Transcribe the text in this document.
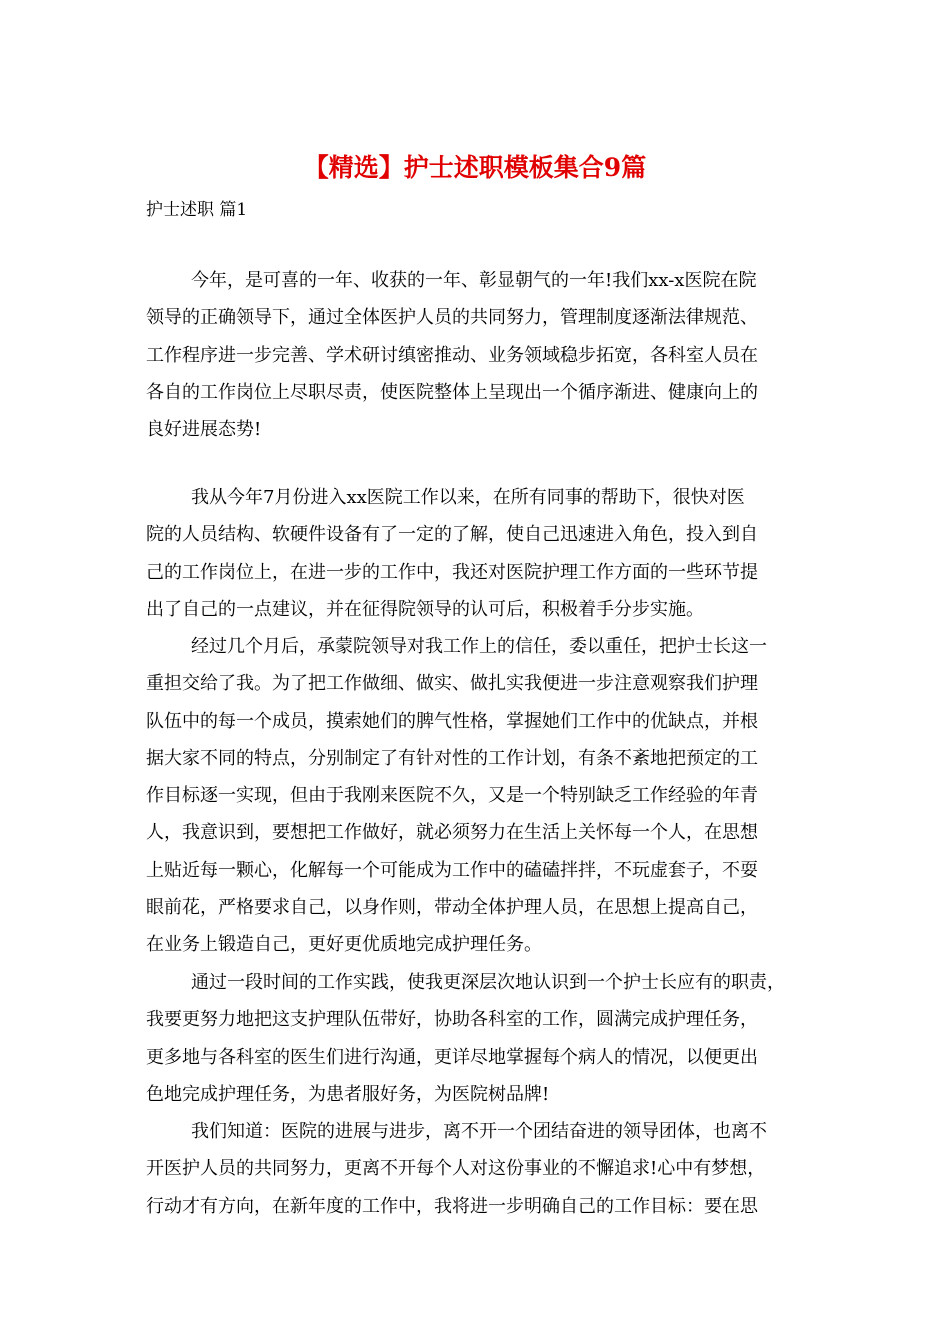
【精选】护士述职模板集合9篇

护士述职 篇1

今年，是可喜的一年、收获的一年、彰显朝气的一年!我们xx-x医院在院
领导的正确领导下，通过全体医护人员的共同努力，管理制度逐渐法律规范、
工作程序进一步完善、学术研讨缜密推动、业务领域稳步拓宽，各科室人员在
各自的工作岗位上尽职尽责，使医院整体上呈现出一个循序渐进、健康向上的
良好进展态势!
我从今年7月份进入xx医院工作以来，在所有同事的帮助下，很快对医
院的人员结构、软硬件设备有了一定的了解，使自己迅速进入角色，投入到自
己的工作岗位上，在进一步的工作中，我还对医院护理工作方面的一些环节提
出了自己的一点建议，并在征得院领导的认可后，积极着手分步实施。
经过几个月后，承蒙院领导对我工作上的信任，委以重任，把护士长这一
重担交给了我。为了把工作做细、做实、做扎实我便进一步注意观察我们护理
队伍中的每一个成员，摸索她们的脾气性格，掌握她们工作中的优缺点，并根
据大家不同的特点，分别制定了有针对性的工作计划，有条不紊地把预定的工
作目标逐一实现，但由于我刚来医院不久，又是一个特别缺乏工作经验的年青
人，我意识到，要想把工作做好，就必须努力在生活上关怀每一个人，在思想
上贴近每一颗心，化解每一个可能成为工作中的磕磕拌拌，不玩虚套子，不耍
眼前花，严格要求自己，以身作则，带动全体护理人员，在思想上提高自己，
在业务上锻造自己，更好更优质地完成护理任务。
通过一段时间的工作实践，使我更深层次地认识到一个护士长应有的职责，
我要更努力地把这支护理队伍带好，协助各科室的工作，圆满完成护理任务，
更多地与各科室的医生们进行沟通，更详尽地掌握每个病人的情况，以便更出
色地完成护理任务，为患者服好务，为医院树品牌!
我们知道：医院的进展与进步，离不开一个团结奋进的领导团体，也离不
开医护人员的共同努力，更离不开每个人对这份事业的不懈追求!心中有梦想，
行动才有方向，在新年度的工作中，我将进一步明确自己的工作目标：要在思
